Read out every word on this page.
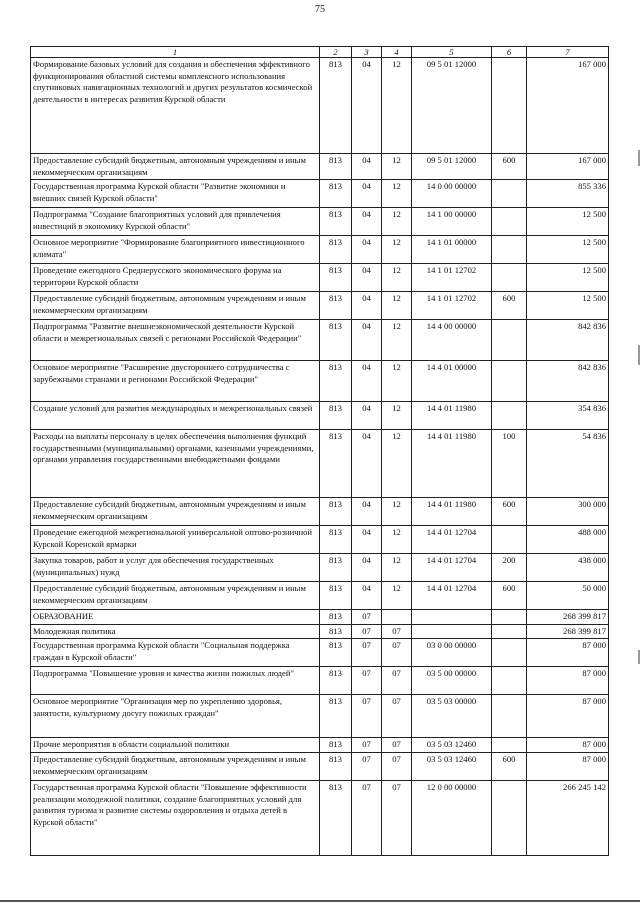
75
1	2	3	4	5	6	7
Формирование базовых условий для создания и обеспечения эффективного функционирования областной системы комплексного использования спутниковых навигационных технологий и других результатов космической деятельности в интересах развития Курской области	813	04	12	09 5 01 12000		167 000
Предоставление субсидий бюджетным, автономным учреждениям и иным некоммерческим организациям	813	04	12	09 5 01 12000	600	167 000
Государственная программа Курской области "Развитие экономики и внешних связей Курской области"	813	04	12	14 0 00 00000		855 336
Подпрограмма "Создание благоприятных условий для привлечения инвестиций в экономику Курской области"	813	04	12	14 1 00 00000		12 500
Основное мероприятие "Формирование благоприятного инвестиционного климата"	813	04	12	14 1 01 00000		12 500
Проведение ежегодного Среднерусского экономического форума на территории Курской области	813	04	12	14 1 01 12702		12 500
Предоставление субсидий бюджетным, автономным учреждениям и иным некоммерческим организациям	813	04	12	14 1 01 12702	600	12 500
Подпрограмма "Развитие внешнеэкономической деятельности Курской области и межрегиональных связей с регионами Российской Федерации"	813	04	12	14 4 00 00000		842 836
Основное мероприятие "Расширение двустороннего сотрудничества с зарубежными странами и регионами Российской Федерации"	813	04	12	14 4 01 00000		842 836
Создание условий для развития международных и межрегиональных связей	813	04	12	14 4 01 11980		354 836
Расходы на выплаты персоналу в целях обеспечения выполнения функций государственными (муниципальными) органами, казенными учреждениями, органами управления государственными внебюджетными фондами	813	04	12	14 4 01 11980	100	54 836
Предоставление субсидий бюджетным, автономным учреждениям и иным некоммерческим организациям	813	04	12	14 4 01 11980	600	300 000
Проведение ежегодной межрегиональной универсальной оптово-розничной Курской Коренской ярмарки	813	04	12	14 4 01 12704		488 000
Закупка товаров, работ и услуг для обеспечения государственных (муниципальных) нужд	813	04	12	14 4 01 12704	200	438 000
Предоставление субсидий бюджетным, автономным учреждениям и иным некоммерческим организациям	813	04	12	14 4 01 12704	600	50 000
ОБРАЗОВАНИЕ	813	07				268 399 817
Молодежная политика	813	07	07			268 399 817
Государственная программа Курской области "Социальная поддержка граждан в Курской области"	813	07	07	03 0 00 00000		87 000
Подпрограмма "Повышение уровня и качества жизни пожилых людей"	813	07	07	03 5 00 00000		87 000
Основное мероприятие "Организация мер по укреплению здоровья, занятости, культурному досугу пожилых граждан"	813	07	07	03 5 03 00000		87 000
Прочие мероприятия в области социальной политики	813	07	07	03 5 03 12460		87 000
Предоставление субсидий бюджетным, автономным учреждениям и иным некоммерческим организациям	813	07	07	03 5 03 12460	600	87 000
Государственная программа Курской области "Повышение эффективности реализации молодежной политики, создание благоприятных условий для развития туризма и развитие системы оздоровления и отдыха детей в Курской области"	813	07	07	12 0 00 00000		266 245 142
